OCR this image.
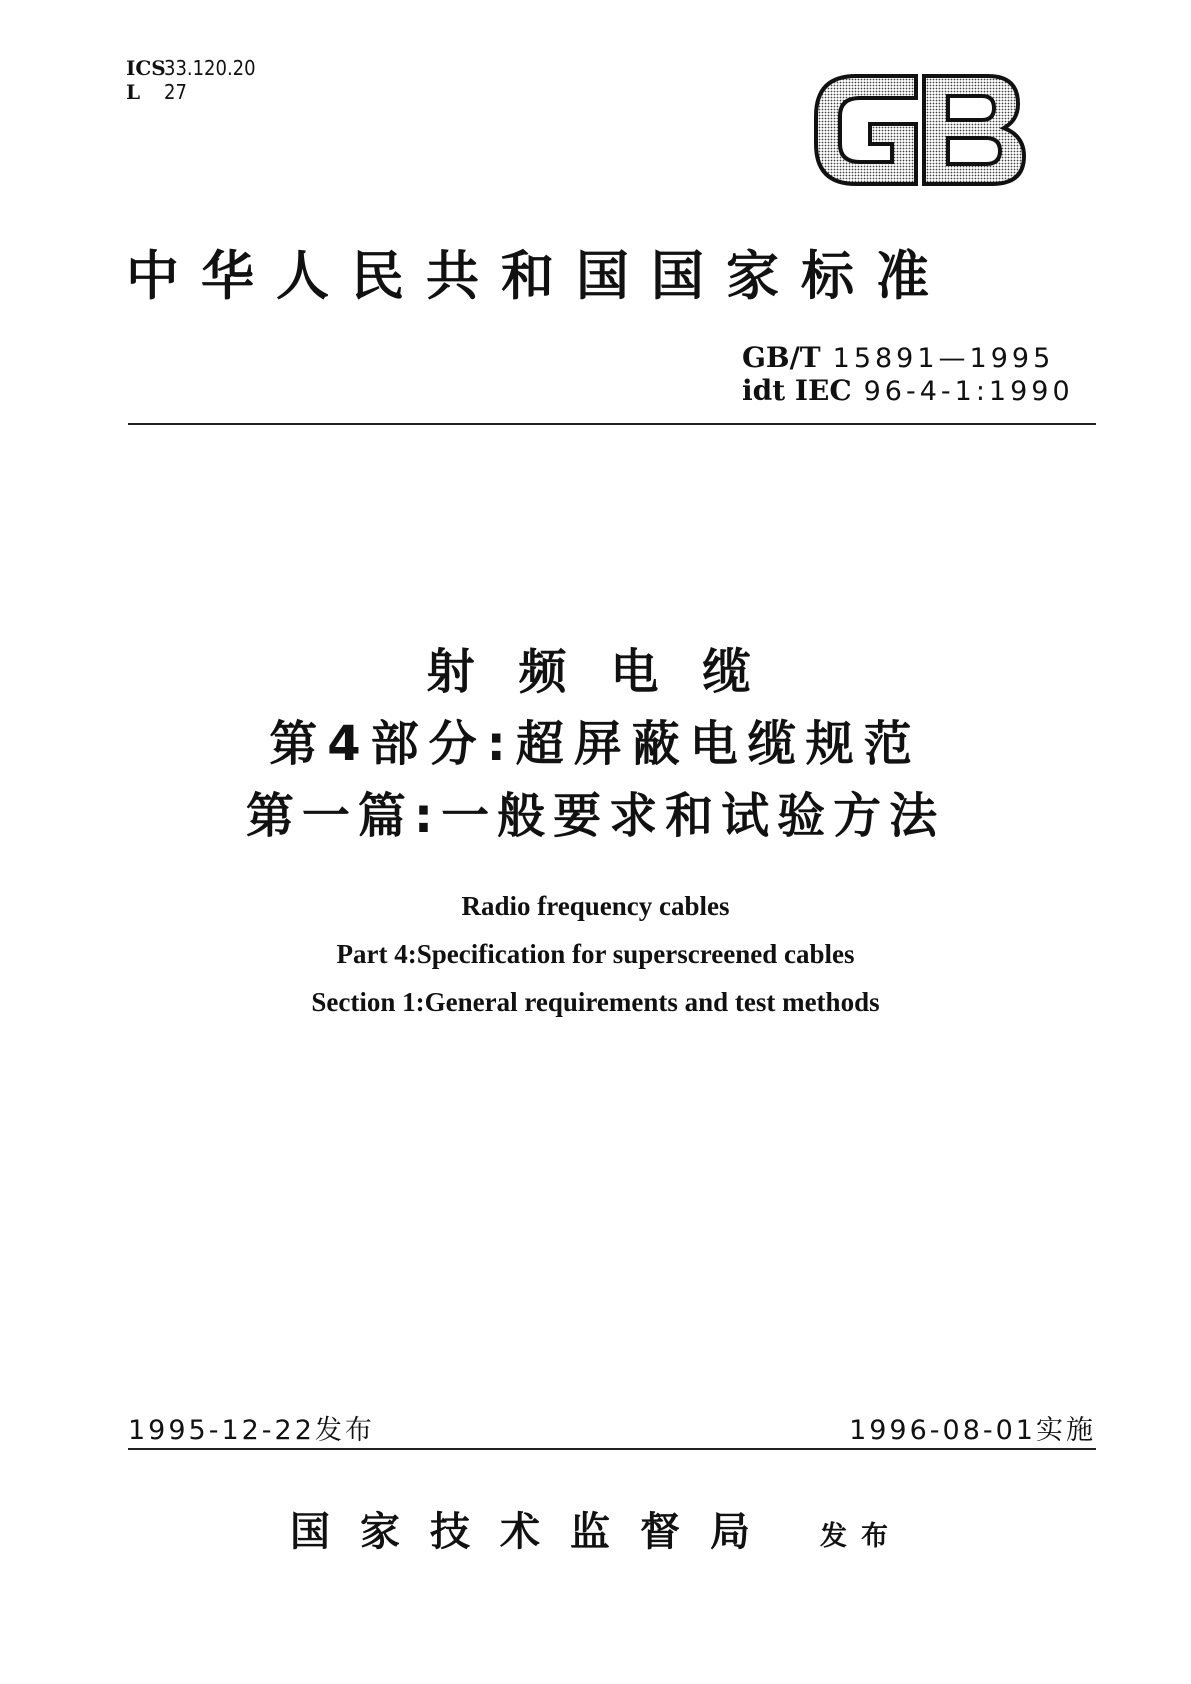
ICS
33.120.20
L	27
中华人民共和国国家标准
GB/T 15891—1995
idt IEC 96-4-1:1990
射频电缆
第4部分:超屏蔽电缆规范
第一篇:一般要求和试验方法
Radio frequency cables
Part 4:Specification for superscreened cables
Section 1:General requirements and test methods
1995-12-22发布	1996-08-01实施
国家技术监督局 发布
